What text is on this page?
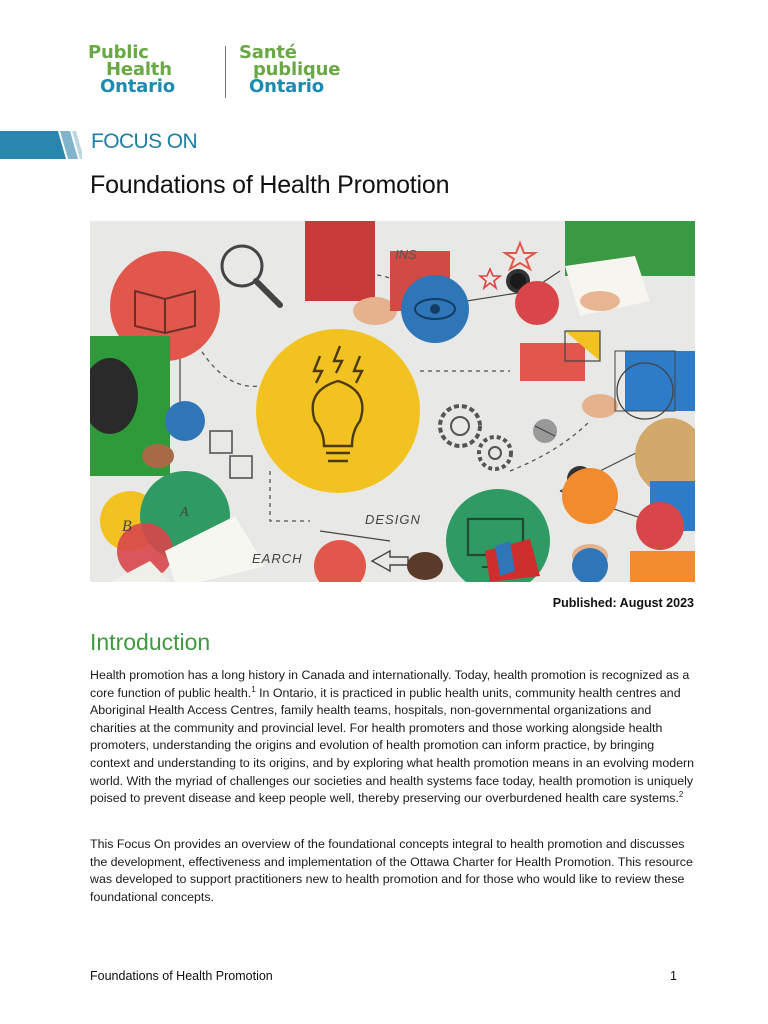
Public
Health
Ontario
Santé
publique
Ontario
FOCUS ON
Foundations of Health Promotion
INS
B
A	DESIGN
EARCH
Published: August 2023
Introduction

Health promotion has a long history in Canada and internationally. Today, health promotion is recognized as a core function of public health.$^1$ In Ontario, it is practiced in public health units, community health centres and Aboriginal Health Access Centres, family health teams, hospitals, non-governmental organizations and charities at the community and provincial level. For health promoters and those working alongside health promoters, understanding the origins and evolution of health promotion can inform practice, by bringing context and understanding to its origins, and by exploring what health promotion means in an evolving modern world. With the myriad of challenges our societies and health systems face today, health promotion is uniquely poised to prevent disease and keep people well, thereby preserving our overburdened health care systems.$^2$

This Focus On provides an overview of the foundational concepts integral to health promotion and discusses the development, effectiveness and implementation of the Ottawa Charter for Health Promotion. This resource was developed to support practitioners new to health promotion and for those who would like to review these foundational concepts.

Foundations of Health Promotion	1
